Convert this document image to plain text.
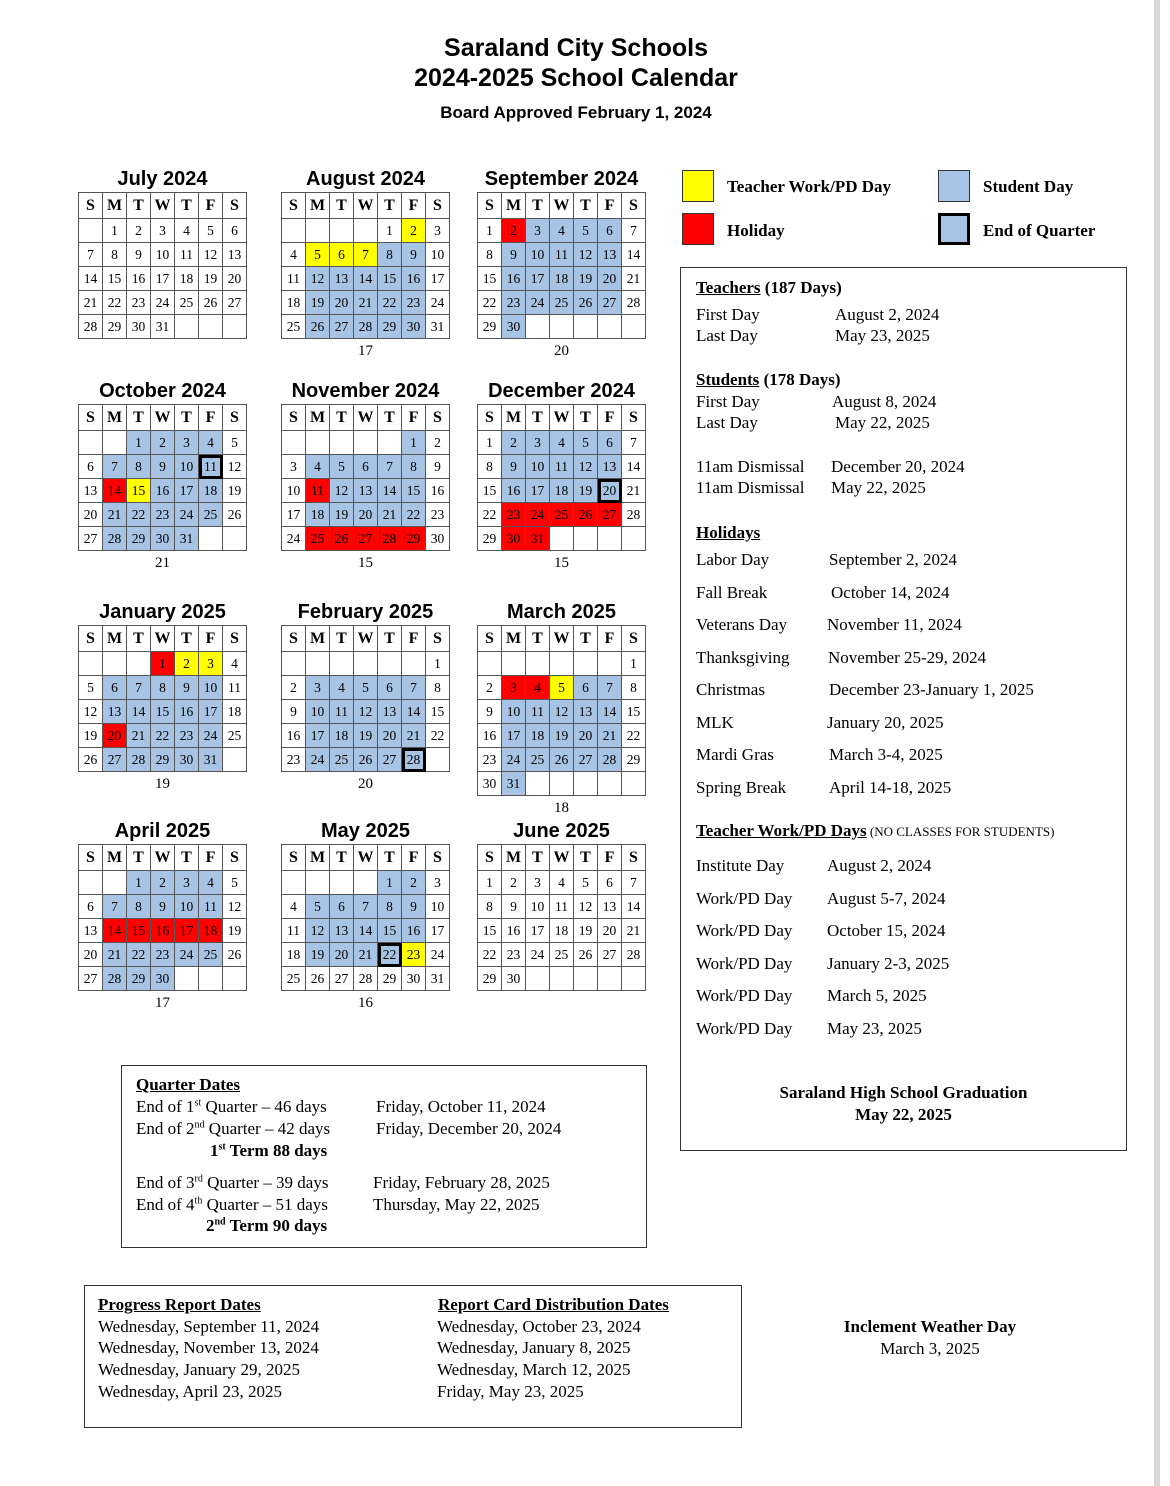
Saraland City Schools
2024-2025 School Calendar
Board Approved February 1, 2024
July 2024
S	M	T	W	T	F	S
	1	2	3	4	5	6
7	8	9	10	11	12	13
14	15	16	17	18	19	20
21	22	23	24	25	26	27
28	29	30	31			
August 2024
S	M	T	W	T	F	S
				1	2	3
4	5	6	7	8	9	10
11	12	13	14	15	16	17
18	19	20	21	22	23	24
25	26	27	28	29	30	31
17
September 2024
S	M	T	W	T	F	S
1	2	3	4	5	6	7
8	9	10	11	12	13	14
15	16	17	18	19	20	21
22	23	24	25	26	27	28
29	30					
20
October 2024
S	M	T	W	T	F	S
		1	2	3	4	5
6	7	8	9	10	11	12
13	14	15	16	17	18	19
20	21	22	23	24	25	26
27	28	29	30	31		
21
November 2024
S	M	T	W	T	F	S
					1	2
3	4	5	6	7	8	9
10	11	12	13	14	15	16
17	18	19	20	21	22	23
24	25	26	27	28	29	30
15
December 2024
S	M	T	W	T	F	S
1	2	3	4	5	6	7
8	9	10	11	12	13	14
15	16	17	18	19	20	21
22	23	24	25	26	27	28
29	30	31				
15
January 2025
S	M	T	W	T	F	S
			1	2	3	4
5	6	7	8	9	10	11
12	13	14	15	16	17	18
19	20	21	22	23	24	25
26	27	28	29	30	31	
19
February 2025
S	M	T	W	T	F	S
						1
2	3	4	5	6	7	8
9	10	11	12	13	14	15
16	17	18	19	20	21	22
23	24	25	26	27	28	
20
March 2025
S	M	T	W	T	F	S
						1
2	3	4	5	6	7	8
9	10	11	12	13	14	15
16	17	18	19	20	21	22
23	24	25	26	27	28	29
30	31					
18
April 2025
S	M	T	W	T	F	S
		1	2	3	4	5
6	7	8	9	10	11	12
13	14	15	16	17	18	19
20	21	22	23	24	25	26
27	28	29	30			
17
May 2025
S	M	T	W	T	F	S
				1	2	3
4	5	6	7	8	9	10
11	12	13	14	15	16	17
18	19	20	21	22	23	24
25	26	27	28	29	30	31
16
June 2025
S	M	T	W	T	F	S
1	2	3	4	5	6	7
8	9	10	11	12	13	14
15	16	17	18	19	20	21
22	23	24	25	26	27	28
29	30					
Teacher Work/PD Day	Student Day
Holiday	End of Quarter
Teachers (187 Days)
First Day	August 2, 2024
Last Day	May 23, 2025
Students (178 Days)
First Day	August 8, 2024
Last Day	May 22, 2025
11am Dismissal December 20, 2024
11am Dismissal May 22, 2025
Holidays
Labor Day	September 2, 2024
Fall Break	October 14, 2024
Veterans Day November 11, 2024
Thanksgiving November 25-29, 2024
Christmas	December 23-January 1, 2025
MLK	January 20, 2025
Mardi Gras	March 3-4, 2025
Spring Break	April 14-18, 2025
Teacher Work/PD Days (NO CLASSES FOR STUDENTS)
Institute Day	August 2, 2024
Work/PD Day August 5-7, 2024
Work/PD Day October 15, 2024
Work/PD Day January 2-3, 2025
Work/PD Day March 5, 2025
Work/PD Day May 23, 2025
Saraland High School Graduation
May 22, 2025
Quarter Dates
End of 1st Quarter – 46 days	Friday, October 11, 2024
End of 2nd Quarter – 42 days	Friday, December 20, 2024
1st Term 88 days
End of 3rd Quarter – 39 days	Friday, February 28, 2025
End of 4th Quarter – 51 days	Thursday, May 22, 2025
2nd Term 90 days
Progress Report Dates
Wednesday, September 11, 2024
Wednesday, November 13, 2024
Wednesday, January 29, 2025
Wednesday, April 23, 2025
Report Card Distribution Dates
Wednesday, October 23, 2024
Wednesday, January 8, 2025
Wednesday, March 12, 2025
Friday, May 23, 2025
Inclement Weather Day
March 3, 2025
